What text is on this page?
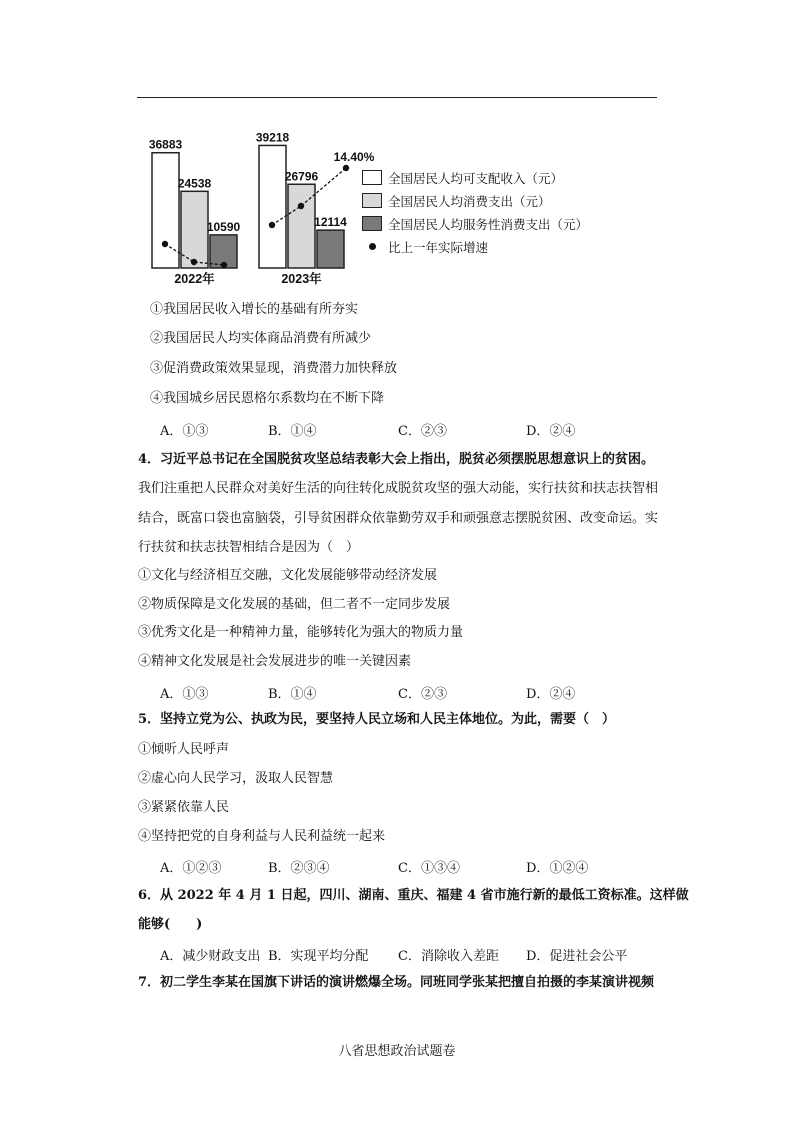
36883
24538
10590
2022年
39218
26796
12114
2023年
14.40%
全国居民人均可支配收入（元）
全国居民人均消费支出（元）
全国居民人均服务性消费支出（元）
比上一年实际增速
①我国居民收入增长的基础有所夯实
②我国居民人均实体商品消费有所减少
③促消费政策效果显现，消费潜力加快释放
④我国城乡居民恩格尔系数均在不断下降
A．①③	B．①④	C．②③	D．②④
4．习近平总书记在全国脱贫攻坚总结表彰大会上指出，脱贫必须摆脱思想意识上的贫困。
我们注重把人民群众对美好生活的向往转化成脱贫攻坚的强大动能，实行扶贫和扶志扶智相
结合，既富口袋也富脑袋，引导贫困群众依靠勤劳双手和顽强意志摆脱贫困、改变命运。实
行扶贫和扶志扶智相结合是因为（　）
①文化与经济相互交融，文化发展能够带动经济发展
②物质保障是文化发展的基础，但二者不一定同步发展
③优秀文化是一种精神力量，能够转化为强大的物质力量
④精神文化发展是社会发展进步的唯一关键因素
A．①③	B．①④	C．②③	D．②④
5．坚持立党为公、执政为民，要坚持人民立场和人民主体地位。为此，需要（　）
①倾听人民呼声
②虚心向人民学习，汲取人民智慧
③紧紧依靠人民
④坚持把党的自身利益与人民利益统一起来
A．①②③	B．②③④	C．①③④	D．①②④
6．从 2022 年 4 月 1 日起，四川、湖南、重庆、福建 4 省市施行新的最低工资标准。这样做
能够(　　)
A．减少财政支出 B．实现平均分配 C．消除收入差距 D．促进社会公平
7．初二学生李某在国旗下讲话的演讲燃爆全场。同班同学张某把擅自拍摄的李某演讲视频
八省思想政治试题卷
